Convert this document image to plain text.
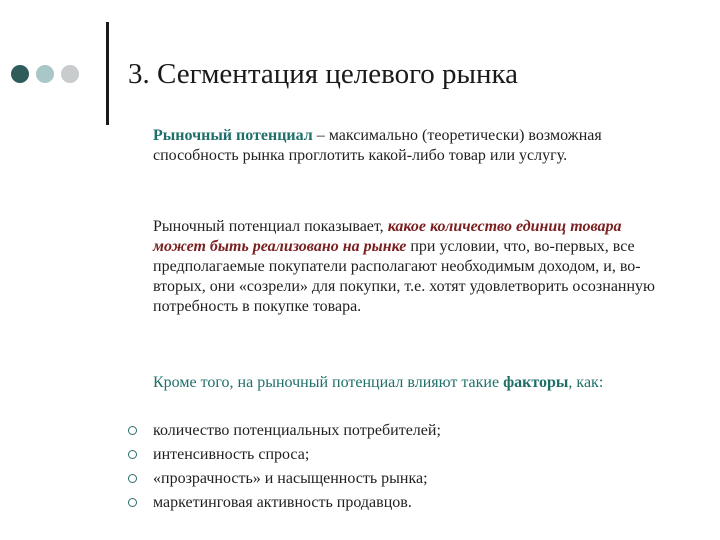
3. Сегментация целевого рынка

Рыночный потенциал – максимально (теоретически) возможная способность рынка проглотить какой-либо товар или услугу.

Рыночный потенциал показывает, какое количество единиц товара может быть реализовано на рынке при условии, что, во-первых, все предполагаемые покупатели располагают необходимым доходом, и, во-вторых, они «созрели» для покупки, т.е. хотят удовлетворить осознанную потребность в покупке товара.

Кроме того, на рыночный потенциал влияют такие факторы, как:

количество потенциальных потребителей;
интенсивность спроса;
«прозрачность» и насыщенность рынка;
маркетинговая активность продавцов.
